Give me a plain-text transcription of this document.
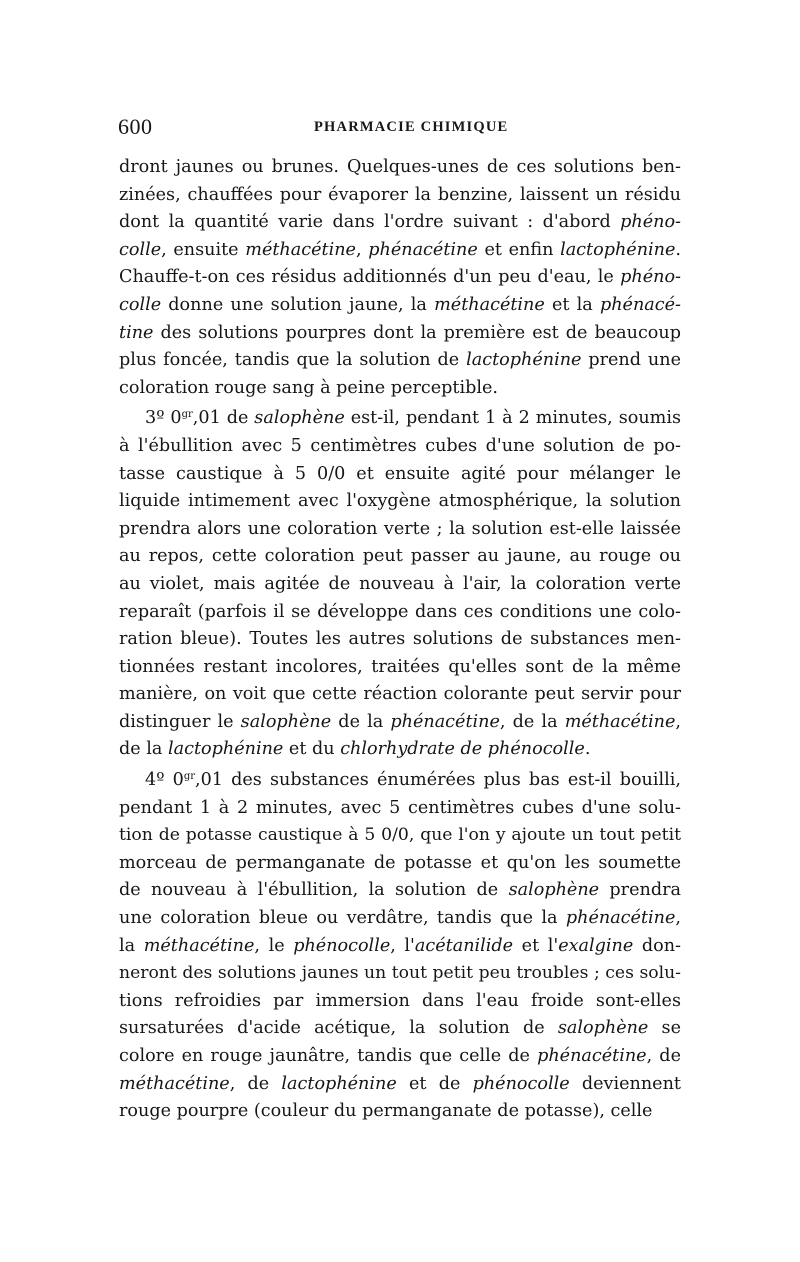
600	PHARMACIE CHIMIQUE
dront jaunes ou brunes. Quelques-unes de ces solutions ben-
zinées, chauffées pour évaporer la benzine, laissent un résidu
dont la quantité varie dans l'ordre suivant : d'abord phéno-
colle, ensuite méthacétine, phénacétine et enfin lactophénine.
Chauffe-t-on ces résidus additionnés d'un peu d'eau, le phéno-
colle donne une solution jaune, la méthacétine et la phénacé-
tine des solutions pourpres dont la première est de beaucoup
plus foncée, tandis que la solution de lactophénine prend une
coloration rouge sang à peine perceptible.
3º $0^{gr},01$ de salophène est-il, pendant 1 à 2 minutes, soumis
à l'ébullition avec 5 centimètres cubes d'une solution de po-
tasse caustique à 5 0/0 et ensuite agité pour mélanger le
liquide intimement avec l'oxygène atmosphérique, la solution
prendra alors une coloration verte ; la solution est-elle laissée
au repos, cette coloration peut passer au jaune, au rouge ou
au violet, mais agitée de nouveau à l'air, la coloration verte
reparaît (parfois il se développe dans ces conditions une colo-
ration bleue). Toutes les autres solutions de substances men-
tionnées restant incolores, traitées qu'elles sont de la même
manière, on voit que cette réaction colorante peut servir pour
distinguer le salophène de la phénacétine, de la méthacétine,
de la lactophénine et du chlorhydrate de phénocolle.
4º $0^{gr},01$ des substances énumérées plus bas est-il bouilli,
pendant 1 à 2 minutes, avec 5 centimètres cubes d'une solu-
tion de potasse caustique à 5 0/0, que l'on y ajoute un tout petit
morceau de permanganate de potasse et qu'on les soumette
de nouveau à l'ébullition, la solution de salophène prendra
une coloration bleue ou verdâtre, tandis que la phénacétine,
la méthacétine, le phénocolle, l'acétanilide et l'exalgine don-
neront des solutions jaunes un tout petit peu troubles ; ces solu-
tions refroidies par immersion dans l'eau froide sont-elles
sursaturées d'acide acétique, la solution de salophène se
colore en rouge jaunâtre, tandis que celle de phénacétine, de
méthacétine, de lactophénine et de phénocolle deviennent
rouge pourpre (couleur du permanganate de potasse), celle
